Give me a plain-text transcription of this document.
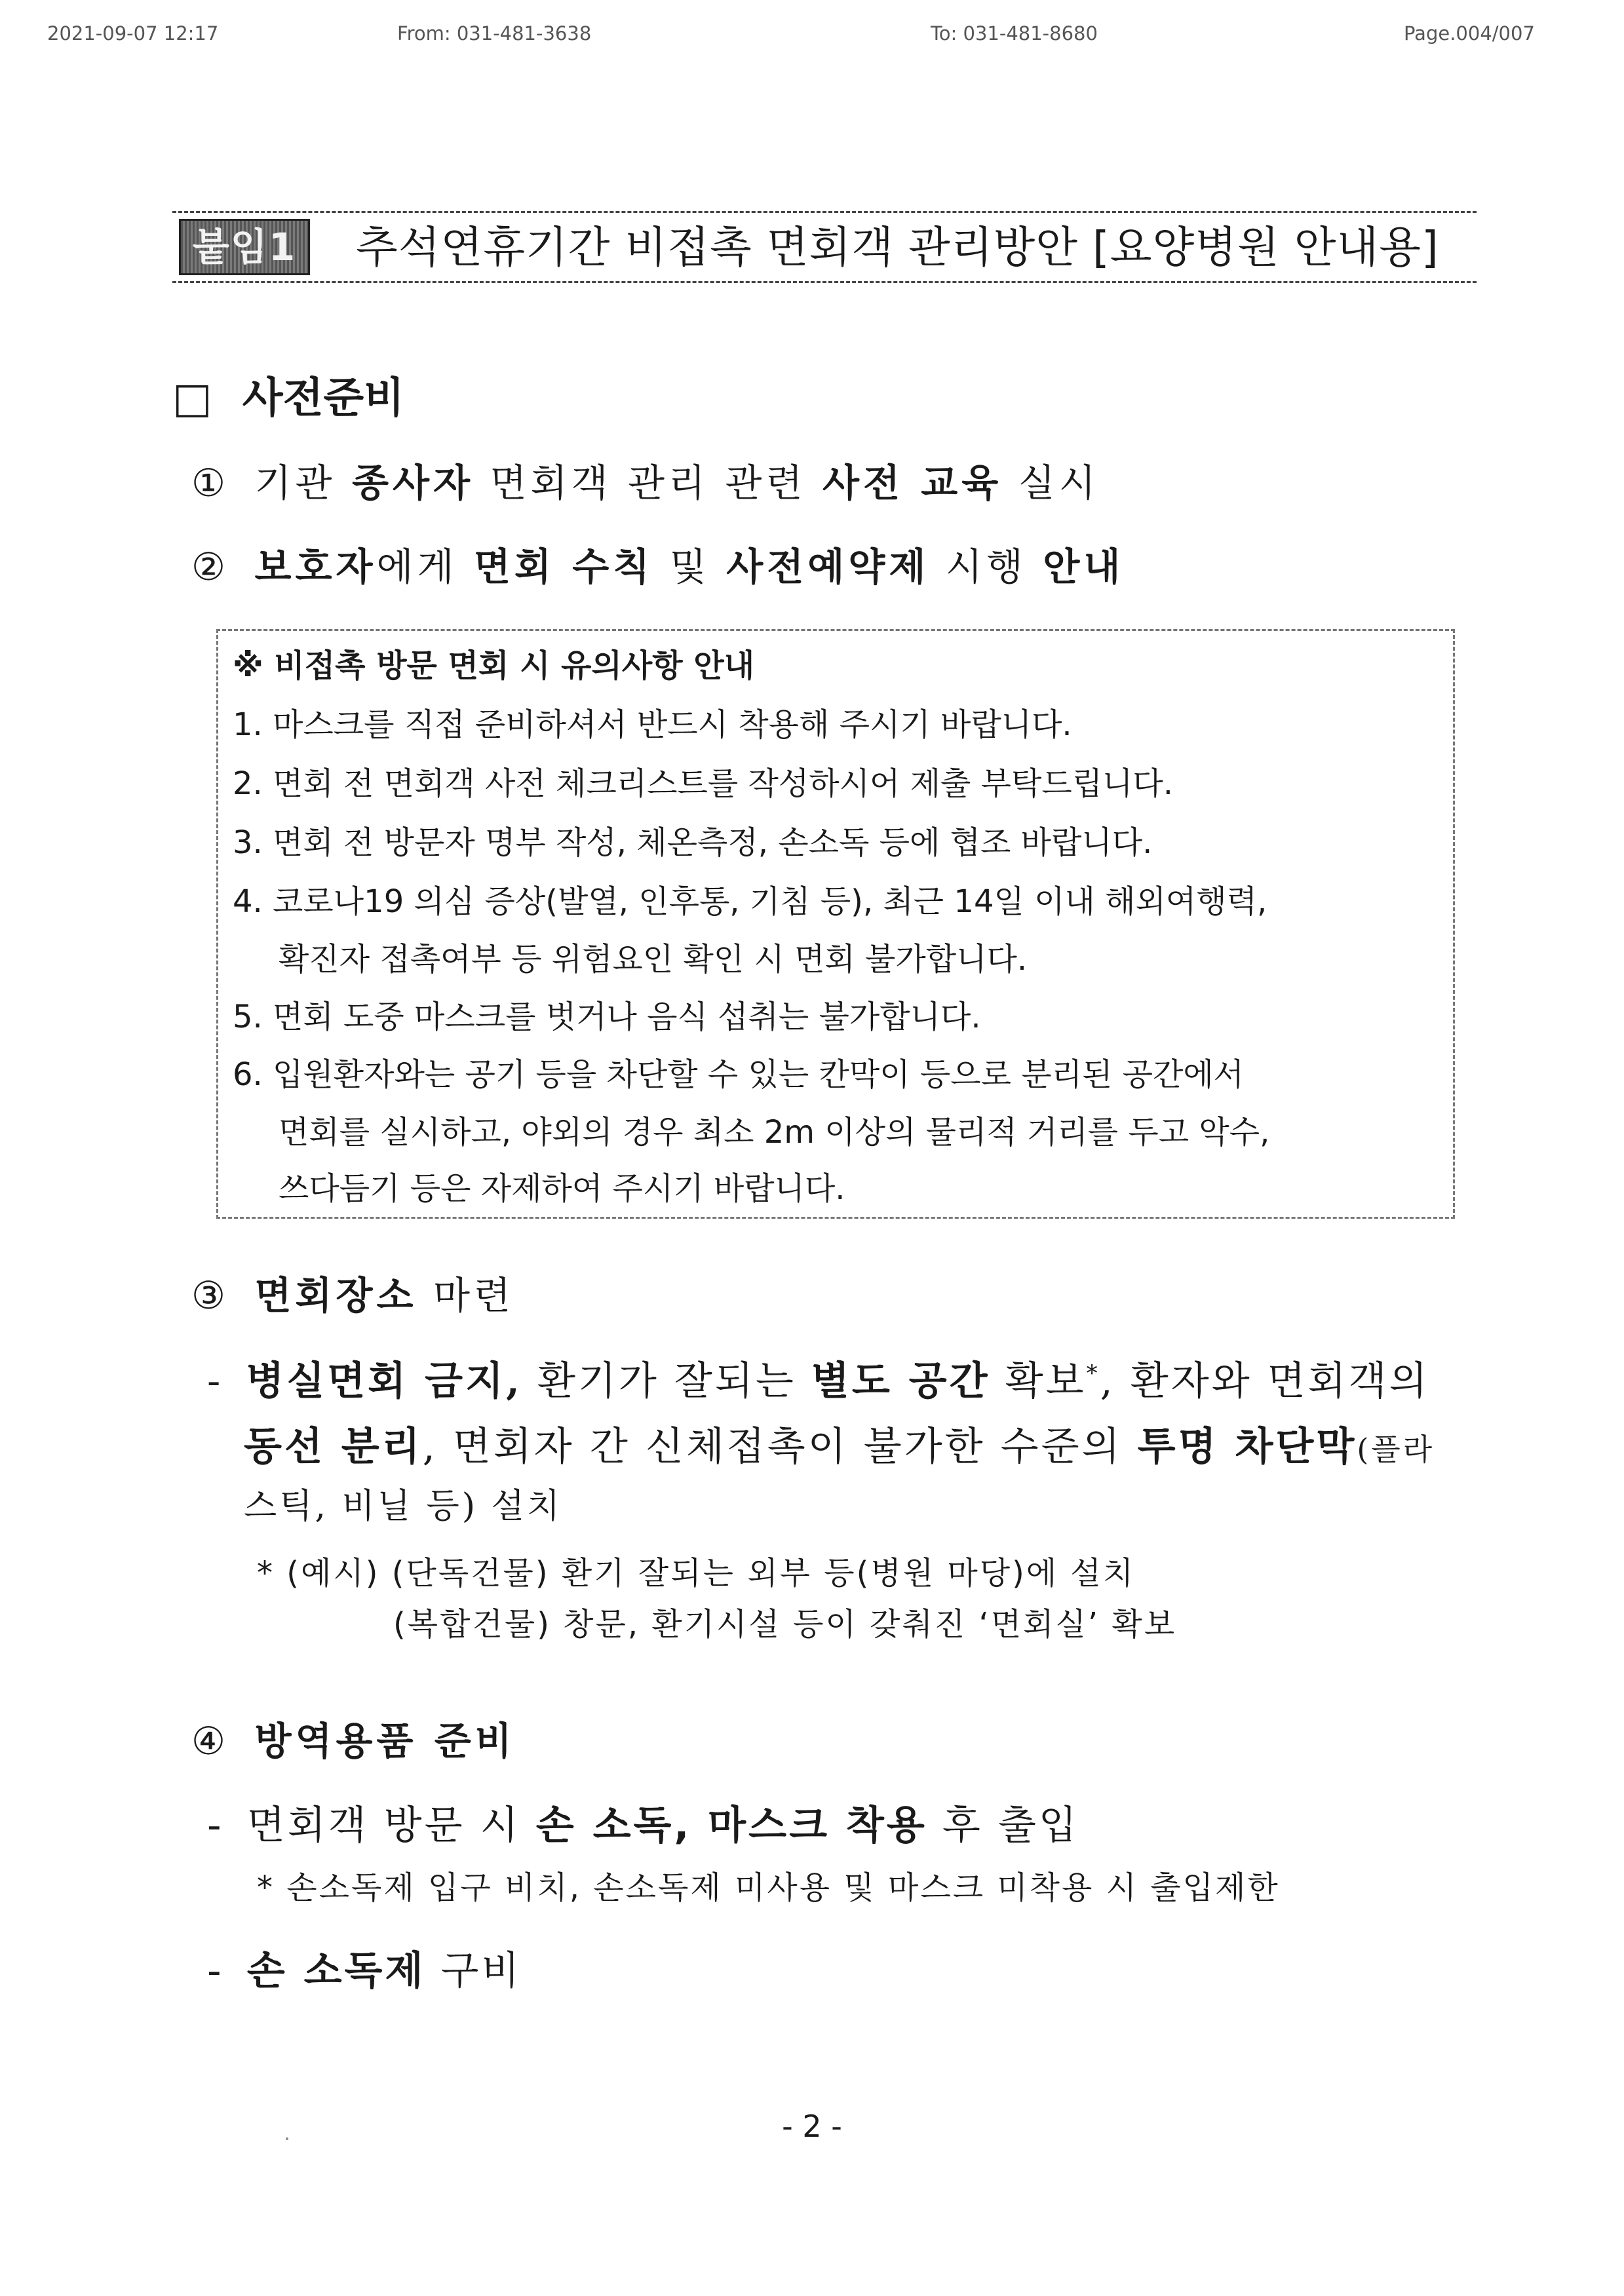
2021-09-07 12:17	From: 031-481-3638	To: 031-481-8680	Page.004/007
붙임1	추석연휴기간 비접촉 면회객 관리방안 [요양병원 안내용]
□ 사전준비
① 기관 종사자 면회객 관리 관련 사전 교육 실시
② 보호자에게 면회 수칙 및 사전예약제 시행 안내
※ 비접촉 방문 면회 시 유의사항 안내
1. 마스크를 직접 준비하셔서 반드시 착용해 주시기 바랍니다.
2. 면회 전 면회객 사전 체크리스트를 작성하시어 제출 부탁드립니다.
3. 면회 전 방문자 명부 작성, 체온측정, 손소독 등에 협조 바랍니다.
4. 코로나19 의심 증상(발열, 인후통, 기침 등), 최근 14일 이내 해외여행력,
확진자 접촉여부 등 위험요인 확인 시 면회 불가합니다.
5. 면회 도중 마스크를 벗거나 음식 섭취는 불가합니다.
6. 입원환자와는 공기 등을 차단할 수 있는 칸막이 등으로 분리된 공간에서
면회를 실시하고, 야외의 경우 최소 2m 이상의 물리적 거리를 두고 악수,
쓰다듬기 등은 자제하여 주시기 바랍니다.
③ 면회장소 마련
- 병실면회 금지, 환기가 잘되는 별도 공간 확보*, 환자와 면회객의
동선 분리, 면회자 간 신체접촉이 불가한 수준의 투명 차단막(플라
스틱, 비닐 등) 설치
* (예시) (단독건물) 환기 잘되는 외부 등(병원 마당)에 설치
(복합건물) 창문, 환기시설 등이 갖춰진 ‘면회실’ 확보
④ 방역용품 준비
- 면회객 방문 시 손 소독, 마스크 착용 후 출입
* 손소독제 입구 비치, 손소독제 미사용 및 마스크 미착용 시 출입제한
- 손 소독제 구비
- 2 -
